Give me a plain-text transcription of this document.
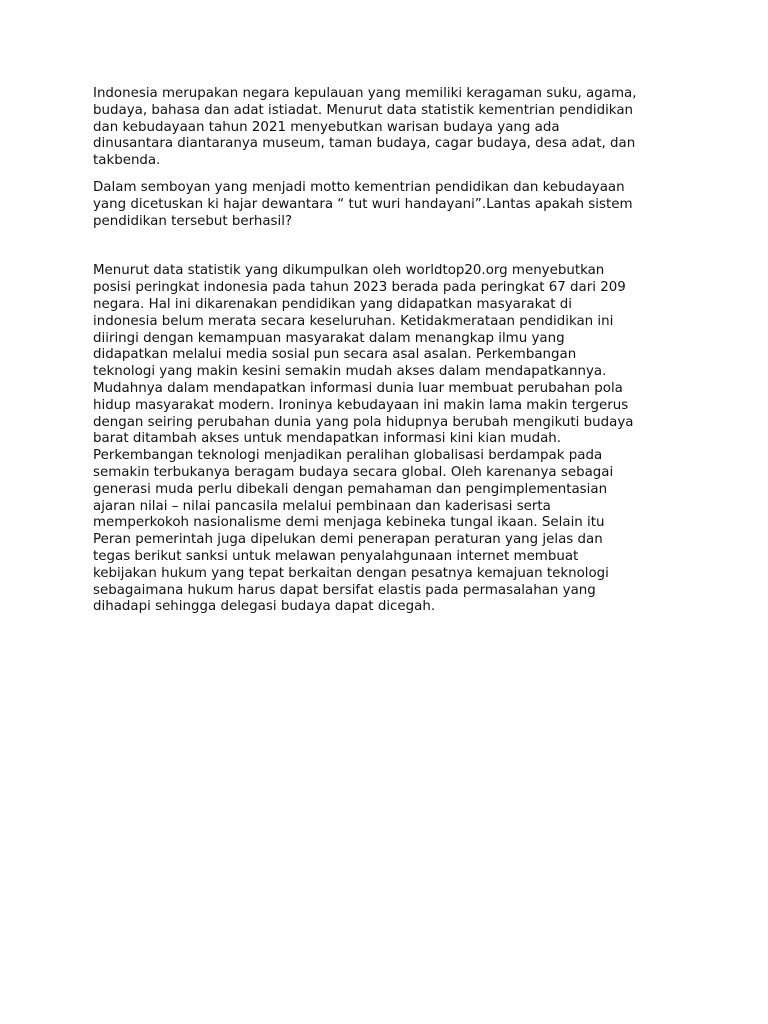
Indonesia merupakan negara kepulauan yang memiliki keragaman suku, agama,
budaya, bahasa dan adat istiadat. Menurut data statistik kementrian pendidikan
dan kebudayaan tahun 2021 menyebutkan warisan budaya yang ada
dinusantara diantaranya museum, taman budaya, cagar budaya, desa adat, dan
takbenda.

Dalam semboyan yang menjadi motto kementrian pendidikan dan kebudayaan
yang dicetuskan ki hajar dewantara “ tut wuri handayani”.Lantas apakah sistem
pendidikan tersebut berhasil?

Menurut data statistik yang dikumpulkan oleh worldtop20.org menyebutkan
posisi peringkat indonesia pada tahun 2023 berada pada peringkat 67 dari 209
negara. Hal ini dikarenakan pendidikan yang didapatkan masyarakat di
indonesia belum merata secara keseluruhan. Ketidakmerataan pendidikan ini
diiringi dengan kemampuan masyarakat dalam menangkap ilmu yang
didapatkan melalui media sosial pun secara asal asalan. Perkembangan
teknologi yang makin kesini semakin mudah akses dalam mendapatkannya.
Mudahnya dalam mendapatkan informasi dunia luar membuat perubahan pola
hidup masyarakat modern. Ironinya kebudayaan ini makin lama makin tergerus
dengan seiring perubahan dunia yang pola hidupnya berubah mengikuti budaya
barat ditambah akses untuk mendapatkan informasi kini kian mudah.
Perkembangan teknologi menjadikan peralihan globalisasi berdampak pada
semakin terbukanya beragam budaya secara global. Oleh karenanya sebagai
generasi muda perlu dibekali dengan pemahaman dan pengimplementasian
ajaran nilai – nilai pancasila melalui pembinaan dan kaderisasi serta
memperkokoh nasionalisme demi menjaga kebineka tungal ikaan. Selain itu
Peran pemerintah juga dipelukan demi penerapan peraturan yang jelas dan
tegas berikut sanksi untuk melawan penyalahgunaan internet membuat
kebijakan hukum yang tepat berkaitan dengan pesatnya kemajuan teknologi
sebagaimana hukum harus dapat bersifat elastis pada permasalahan yang
dihadapi sehingga delegasi budaya dapat dicegah.
